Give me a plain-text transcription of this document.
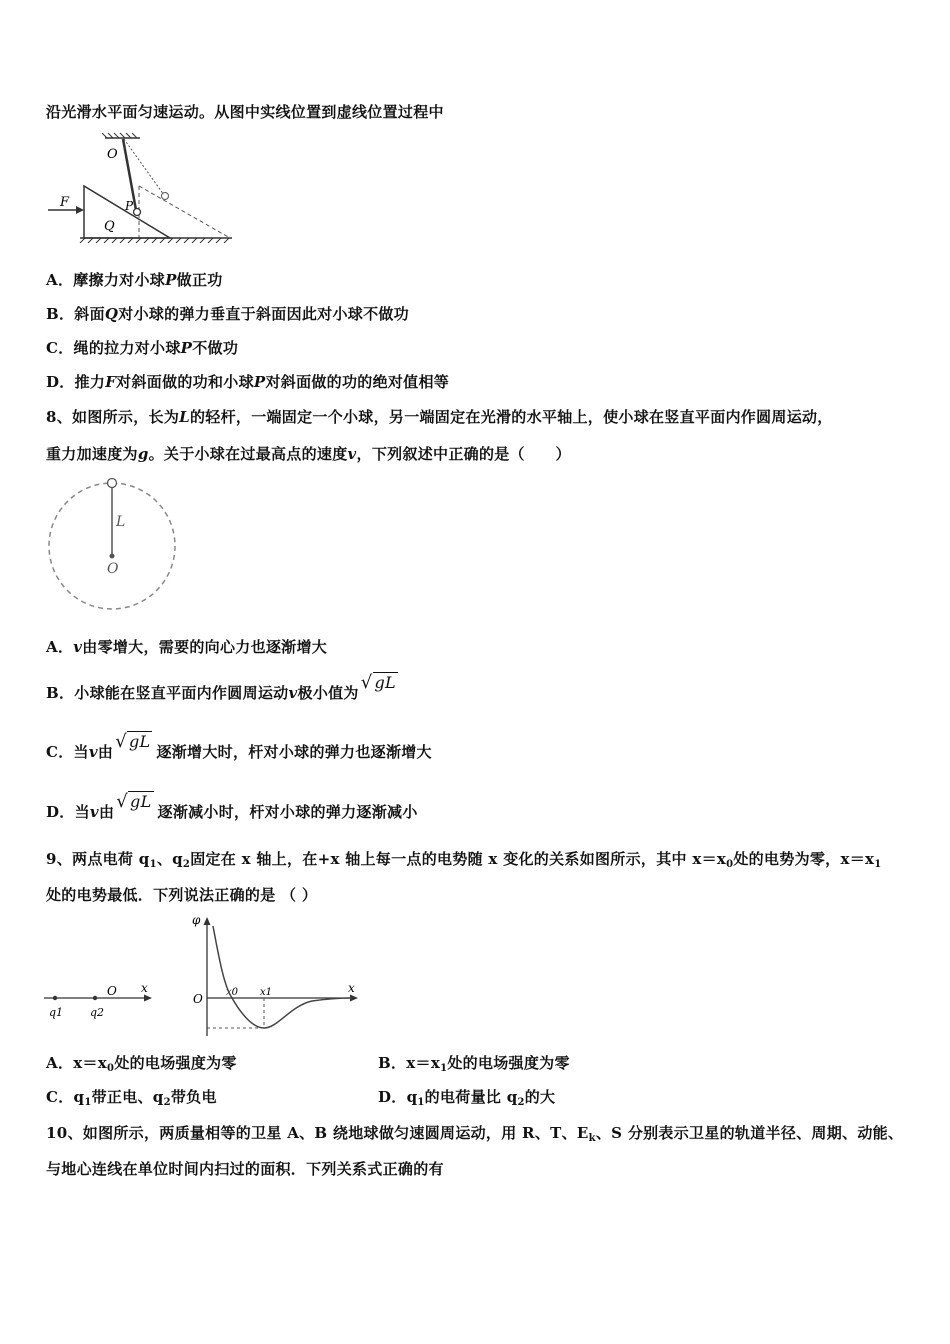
沿光滑水平面匀速运动。从图中实线位置到虚线位置过程中
O
P
Q
F
A．摩擦力对小球P做正功
B．斜面Q对小球的弹力垂直于斜面因此对小球不做功
C．绳的拉力对小球P不做功
D．推力F对斜面做的功和小球P对斜面做的功的绝对值相等
8、如图所示，长为L的轻杆，一端固定一个小球，另一端固定在光滑的水平轴上，使小球在竖直平面内作圆周运动，
重力加速度为g。关于小球在过最高点的速度v，下列叙述中正确的是（　　）
L
O
A．v由零增大，需要的向心力也逐渐增大
B．小球能在竖直平面内作圆周运动v极小值为 √ gL
C．当v由 √ gL逐渐增大时，杆对小球的弹力也逐渐增大
D．当v由 √ gL逐渐减小时，杆对小球的弹力逐渐减小
9、两点电荷 $q_1$、$q_2$固定在 x 轴上，在+x 轴上每一点的电势随 x 变化的关系如图所示，其中 $x=x_0$处的电势为零，$x=x_1$
处的电势最低．下列说法正确的是 （ ）
O x
q1 q2
φ
O
x
x0 x1
A．$x=x_0$处的电场强度为零	B．$x=x_1$处的电场强度为零
C．$q_1$带正电、$q_2$带负电	D．$q_1$的电荷量比 $q_2$的大
10、如图所示，两质量相等的卫星 A、B 绕地球做匀速圆周运动，用 R、T、$E_k$、S 分别表示卫星的轨道半径、周期、动能、
与地心连线在单位时间内扫过的面积．下列关系式正确的有
